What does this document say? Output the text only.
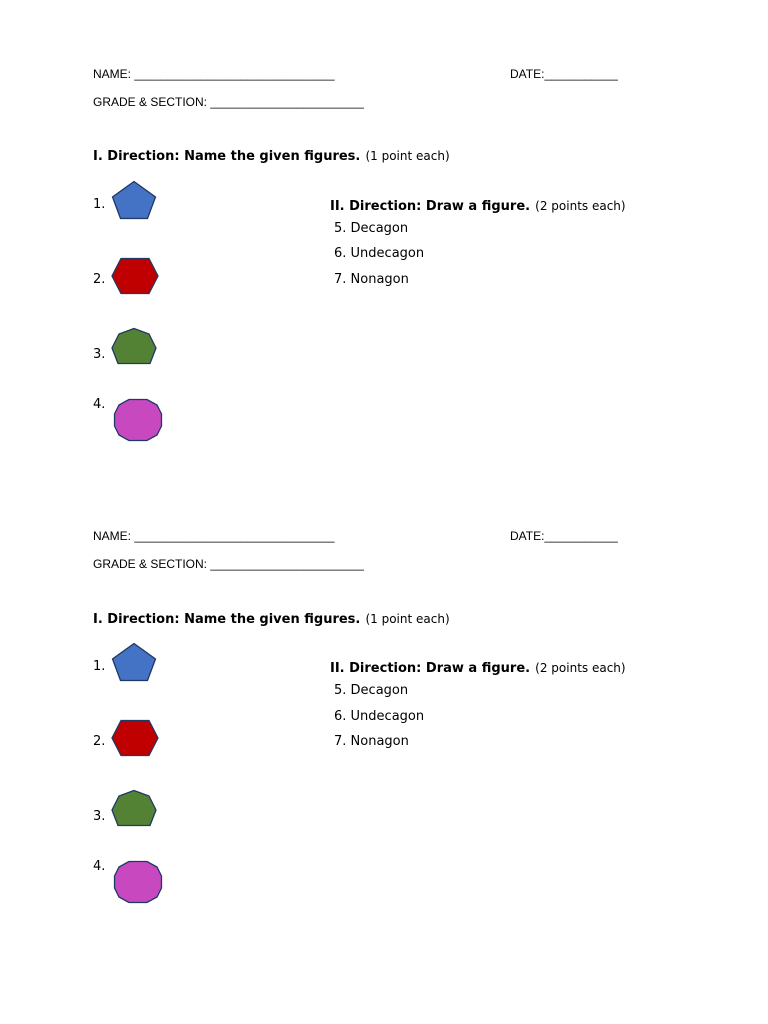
NAME: ______________________________	DATE:___________
GRADE & SECTION: _______________________
I. Direction: Name the given figures. (1 point each)
1.
2.
3.
4.
II. Direction: Draw a figure. (2 points each)
5. Decagon
6. Undecagon
7. Nonagon
NAME: ______________________________	DATE:___________
GRADE & SECTION: _______________________
I. Direction: Name the given figures. (1 point each)
1.
2.
3.
4.
II. Direction: Draw a figure. (2 points each)
5. Decagon
6. Undecagon
7. Nonagon
